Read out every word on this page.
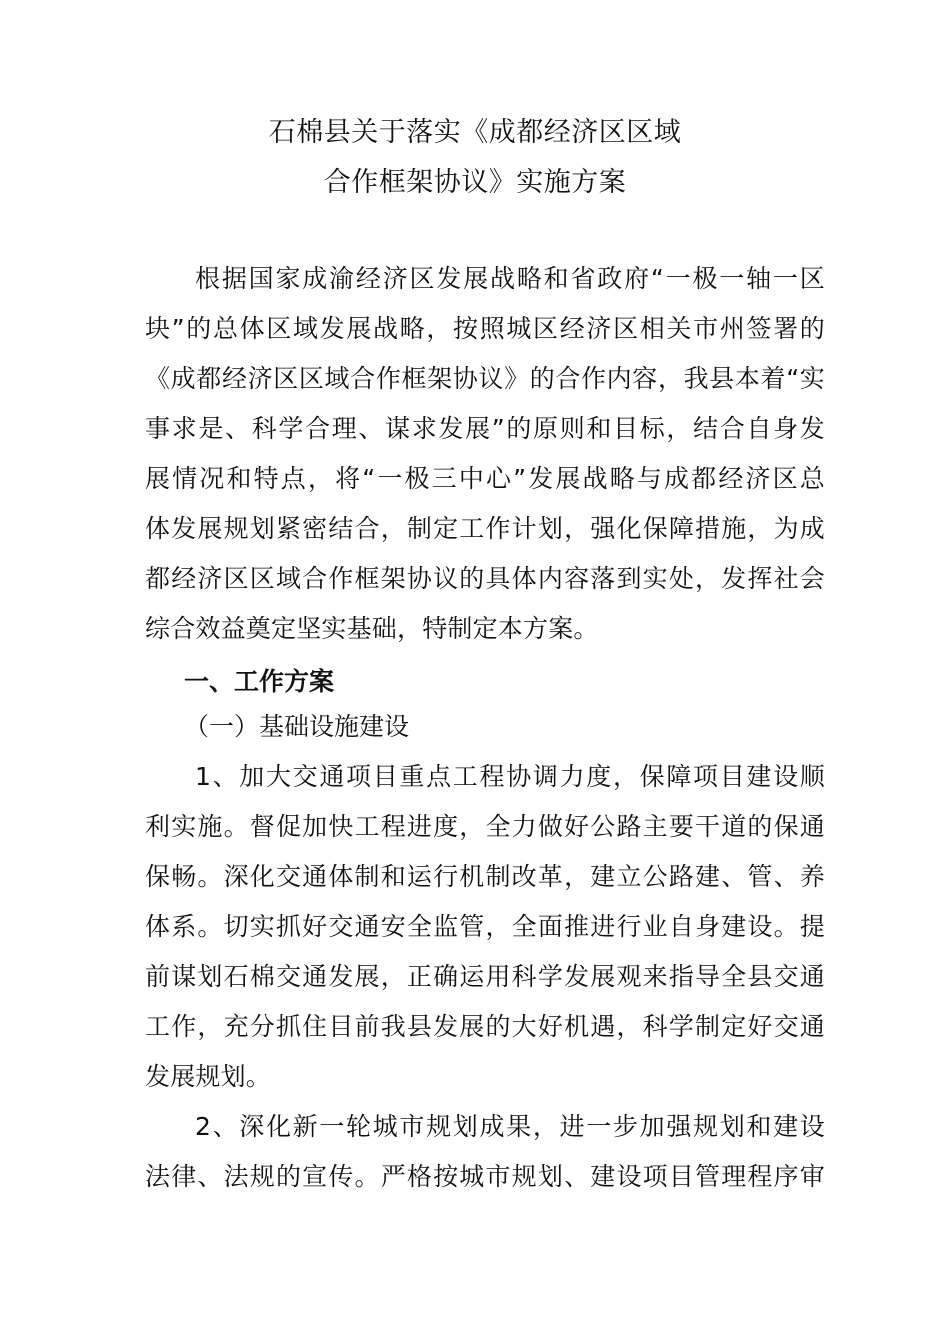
石棉县关于落实《成都经济区区域
合作框架协议》实施方案
根据国家成渝经济区发展战略和省政府“一极一轴一区
块”的总体区域发展战略，按照城区经济区相关市州签署的
《成都经济区区域合作框架协议》的合作内容，我县本着“实
事求是、科学合理、谋求发展”的原则和目标，结合自身发
展情况和特点，将“一极三中心”发展战略与成都经济区总
体发展规划紧密结合，制定工作计划，强化保障措施，为成
都经济区区域合作框架协议的具体内容落到实处，发挥社会
综合效益奠定坚实基础，特制定本方案。
一、工作方案
（一）基础设施建设
1、加大交通项目重点工程协调力度，保障项目建设顺
利实施。督促加快工程进度，全力做好公路主要干道的保通
保畅。深化交通体制和运行机制改革，建立公路建、管、养
体系。切实抓好交通安全监管，全面推进行业自身建设。提
前谋划石棉交通发展，正确运用科学发展观来指导全县交通
工作，充分抓住目前我县发展的大好机遇，科学制定好交通
发展规划。
2、深化新一轮城市规划成果，进一步加强规划和建设
法律、法规的宣传。严格按城市规划、建设项目管理程序审
